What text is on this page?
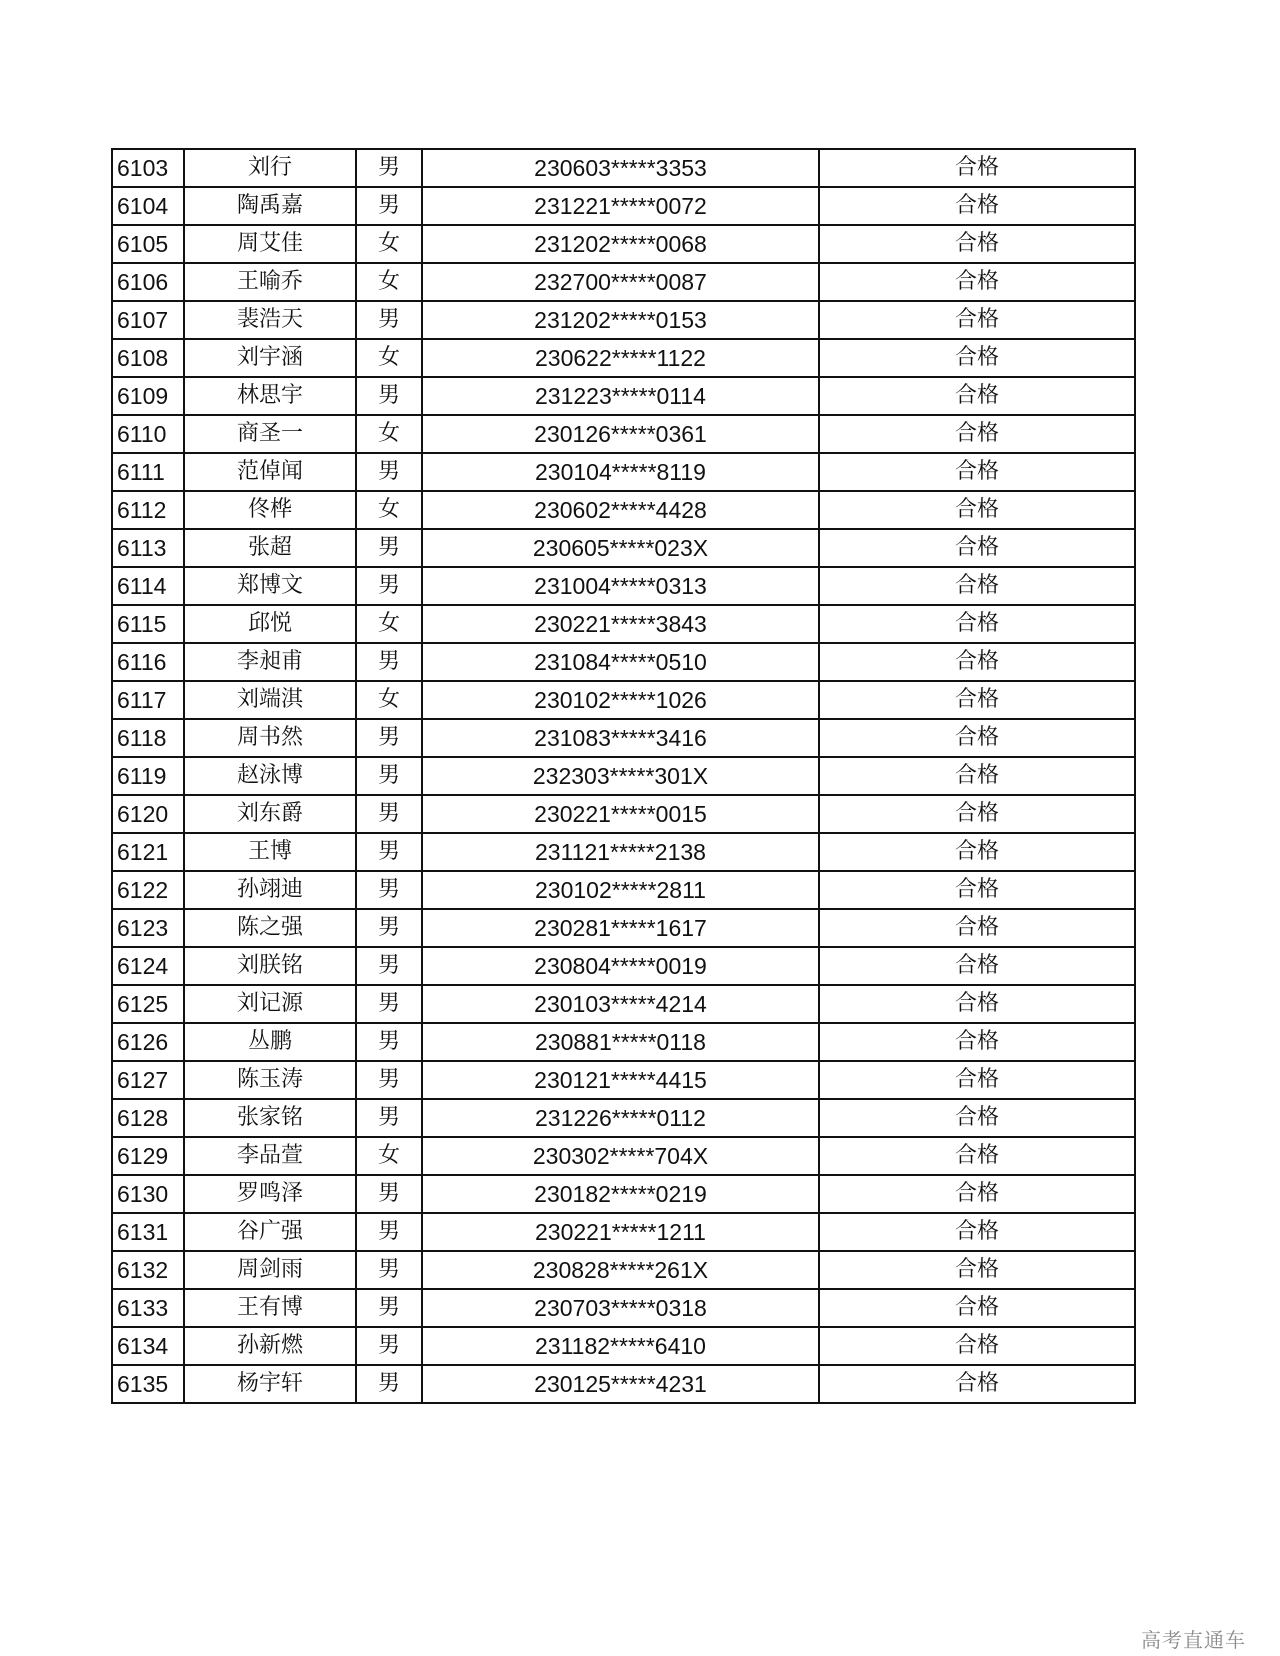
6103	刘行	男	230603*****3353	合格
6104	陶禹嘉	男	231221*****0072	合格
6105	周艾佳	女	231202*****0068	合格
6106	王喻乔	女	232700*****0087	合格
6107	裴浩天	男	231202*****0153	合格
6108	刘宇涵	女	230622*****1122	合格
6109	林思宇	男	231223*****0114	合格
6110	商圣一	女	230126*****0361	合格
6111	范倬闻	男	230104*****8119	合格
6112	佟桦	女	230602*****4428	合格
6113	张超	男	230605*****023X	合格
6114	郑博文	男	231004*****0313	合格
6115	邱悦	女	230221*****3843	合格
6116	李昶甫	男	231084*****0510	合格
6117	刘端淇	女	230102*****1026	合格
6118	周书然	男	231083*****3416	合格
6119	赵泳博	男	232303*****301X	合格
6120	刘东爵	男	230221*****0015	合格
6121	王博	男	231121*****2138	合格
6122	孙翊迪	男	230102*****2811	合格
6123	陈之强	男	230281*****1617	合格
6124	刘朕铭	男	230804*****0019	合格
6125	刘记源	男	230103*****4214	合格
6126	丛鹏	男	230881*****0118	合格
6127	陈玉涛	男	230121*****4415	合格
6128	张家铭	男	231226*****0112	合格
6129	李品萱	女	230302*****704X	合格
6130	罗鸣泽	男	230182*****0219	合格
6131	谷广强	男	230221*****1211	合格
6132	周剑雨	男	230828*****261X	合格
6133	王有博	男	230703*****0318	合格
6134	孙新燃	男	231182*****6410	合格
6135	杨宇轩	男	230125*****4231	合格
高考直通车
